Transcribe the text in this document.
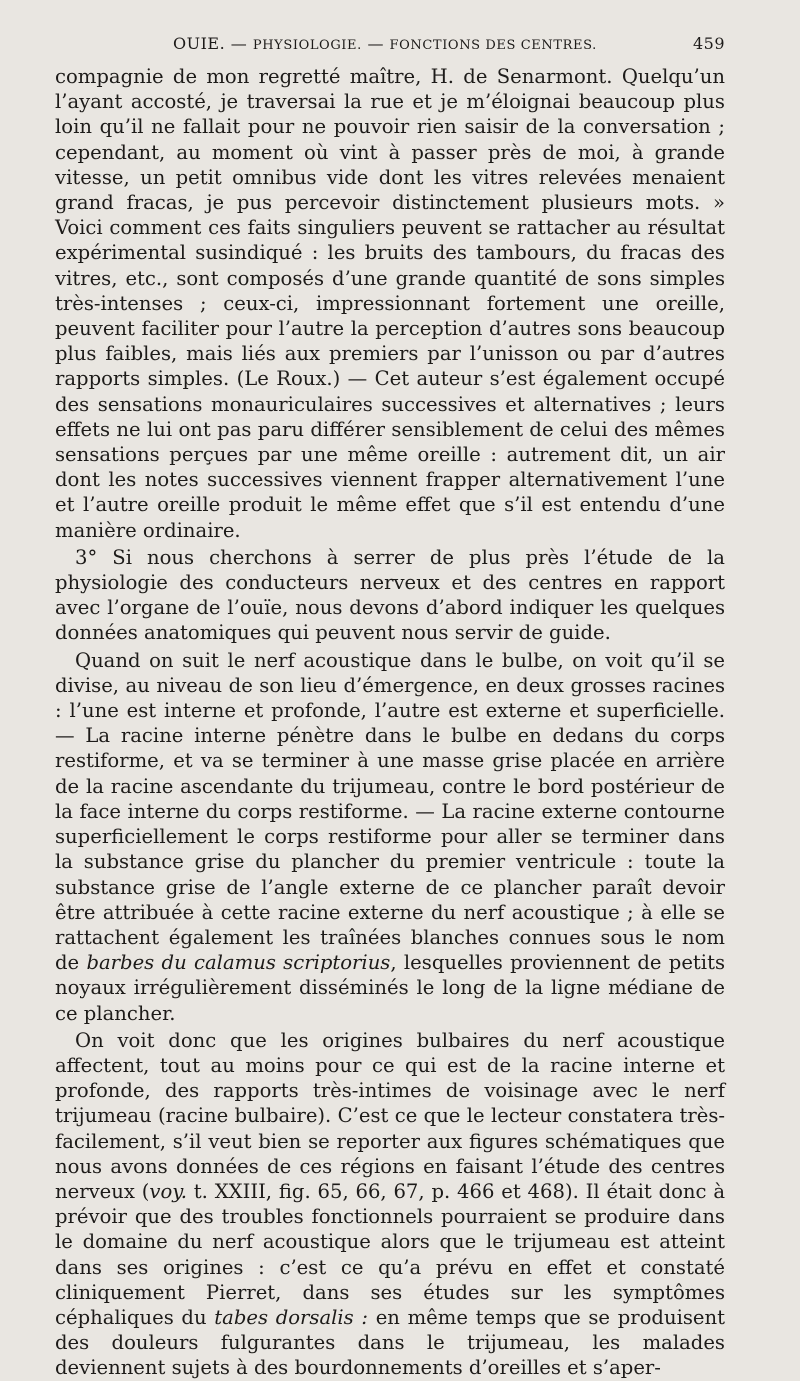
OUIE. — PHYSIOLOGIE. — FONCTIONS DES CENTRES.	459

compagnie de mon regretté maître, H. de Senarmont. Quelqu’un l’ayant accosté, je traversai la rue et je m’éloignai beaucoup plus loin qu’il ne fallait pour ne pouvoir rien saisir de la conversation ; cependant, au moment où vint à passer près de moi, à grande vitesse, un petit omnibus vide dont les vitres relevées menaient grand fracas, je pus percevoir distinctement plusieurs mots. » Voici comment ces faits singuliers peuvent se rattacher au résultat expérimental susindiqué : les bruits des tambours, du fracas des vitres, etc., sont composés d’une grande quantité de sons simples très-intenses ; ceux-ci, impressionnant fortement une oreille, peuvent faciliter pour l’autre la perception d’autres sons beaucoup plus faibles, mais liés aux premiers par l’unisson ou par d’autres rapports simples. (Le Roux.) — Cet auteur s’est également occupé des sensations monauriculaires successives et alternatives ; leurs effets ne lui ont pas paru différer sensiblement de celui des mêmes sensations perçues par une même oreille : autrement dit, un air dont les notes successives viennent frapper alternativement l’une et l’autre oreille produit le même effet que s’il est entendu d’une manière ordinaire.

3° Si nous cherchons à serrer de plus près l’étude de la physiologie des conducteurs nerveux et des centres en rapport avec l’organe de l’ouïe, nous devons d’abord indiquer les quelques données anatomiques qui peuvent nous servir de guide.

Quand on suit le nerf acoustique dans le bulbe, on voit qu’il se divise, au niveau de son lieu d’émergence, en deux grosses racines : l’une est interne et profonde, l’autre est externe et superficielle. — La racine interne pénètre dans le bulbe en dedans du corps restiforme, et va se terminer à une masse grise placée en arrière de la racine ascendante du trijumeau, contre le bord postérieur de la face interne du corps restiforme. — La racine externe contourne superficiellement le corps restiforme pour aller se terminer dans la substance grise du plancher du premier ventricule : toute la substance grise de l’angle externe de ce plancher paraît devoir être attribuée à cette racine externe du nerf acoustique ; à elle se rattachent également les traînées blanches connues sous le nom de barbes du calamus scriptorius, lesquelles proviennent de petits noyaux irrégulièrement disséminés le long de la ligne médiane de ce plancher.

On voit donc que les origines bulbaires du nerf acoustique affectent, tout au moins pour ce qui est de la racine interne et profonde, des rapports très-intimes de voisinage avec le nerf trijumeau (racine bulbaire). C’est ce que le lecteur constatera très-facilement, s’il veut bien se reporter aux figures schématiques que nous avons données de ces régions en faisant l’étude des centres nerveux (voy. t. XXIII, fig. 65, 66, 67, p. 466 et 468). Il était donc à prévoir que des troubles fonctionnels pourraient se produire dans le domaine du nerf acoustique alors que le trijumeau est atteint dans ses origines : c’est ce qu’a prévu en effet et constaté cliniquement Pierret, dans ses études sur les symptômes céphaliques du tabes dorsalis : en même temps que se produisent des douleurs fulgurantes dans le trijumeau, les malades deviennent sujets à des bourdonnements d’oreilles et s’aper-
